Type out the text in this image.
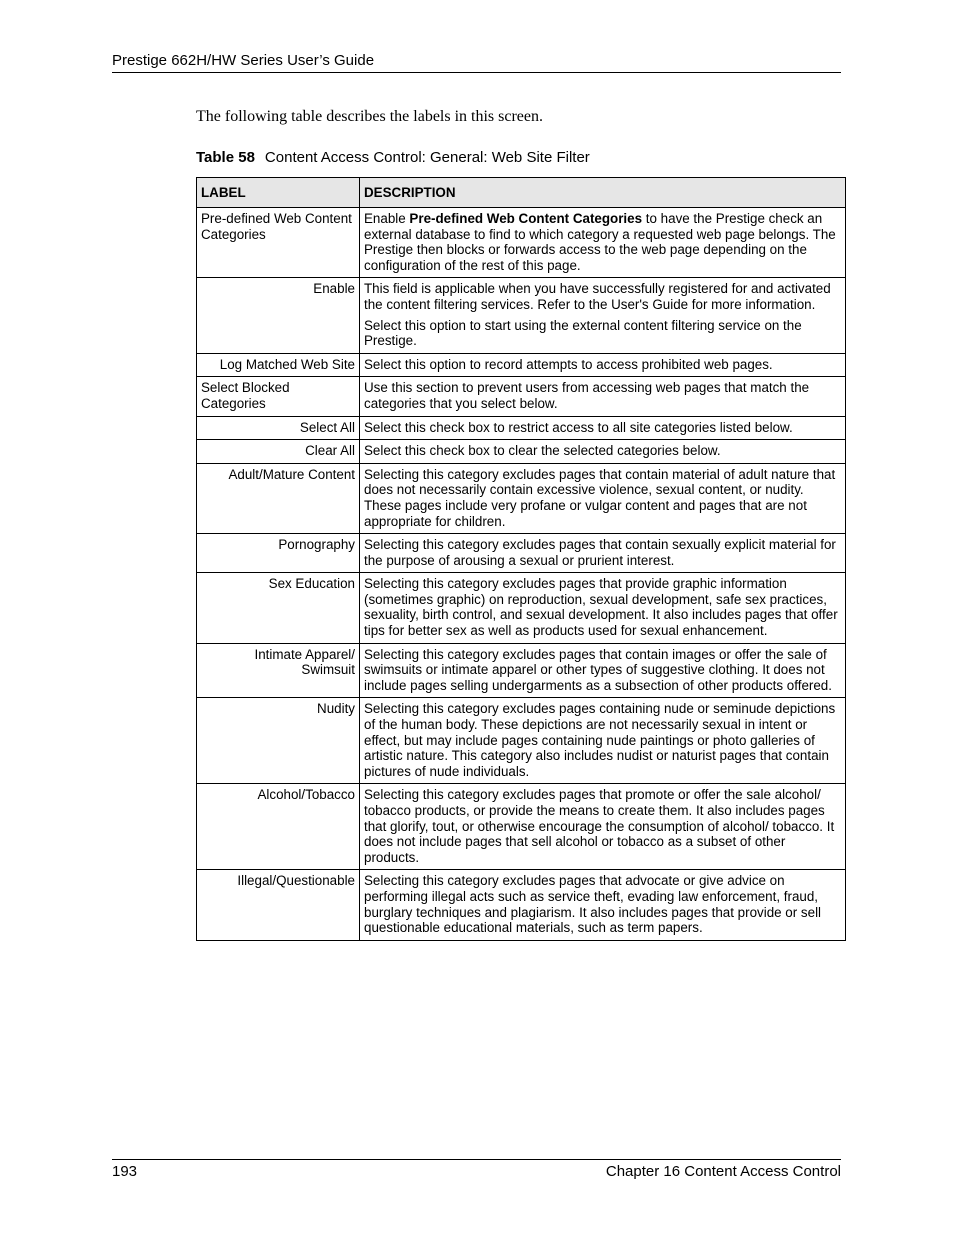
Prestige 662H/HW Series User’s Guide
The following table describes the labels in this screen.
Table 58 Content Access Control: General: Web Site Filter
LABEL	DESCRIPTION
Pre-defined Web Content Categories	Enable Pre-defined Web Content Categories to have the Prestige check an external database to find to which category a requested web page belongs. The Prestige then blocks or forwards access to the web page depending on the configuration of the rest of this page.

Enable	This field is applicable when you have successfully registered for and activated the content filtering services. Refer to the User's Guide for more information.

Select this option to start using the external content filtering service on the Prestige.

Log Matched Web Site	Select this option to record attempts to access prohibited web pages.

Select Blocked Categories	Use this section to prevent users from accessing web pages that match the categories that you select below.

Select All	Select this check box to restrict access to all site categories listed below.

Clear All	Select this check box to clear the selected categories below.

Adult/Mature Content	Selecting this category excludes pages that contain material of adult nature that does not necessarily contain excessive violence, sexual content, or nudity. These pages include very profane or vulgar content and pages that are not appropriate for children.

Pornography	Selecting this category excludes pages that contain sexually explicit material for the purpose of arousing a sexual or prurient interest.

Sex Education	Selecting this category excludes pages that provide graphic information (sometimes graphic) on reproduction, sexual development, safe sex practices, sexuality, birth control, and sexual development. It also includes pages that offer tips for better sex as well as products used for sexual enhancement.

Intimate Apparel/ Swimsuit	Selecting this category excludes pages that contain images or offer the sale of swimsuits or intimate apparel or other types of suggestive clothing. It does not include pages selling undergarments as a subsection of other products offered.

Nudity	Selecting this category excludes pages containing nude or seminude depictions of the human body. These depictions are not necessarily sexual in intent or effect, but may include pages containing nude paintings or photo galleries of artistic nature. This category also includes nudist or naturist pages that contain pictures of nude individuals.

Alcohol/Tobacco	Selecting this category excludes pages that promote or offer the sale alcohol/ tobacco products, or provide the means to create them. It also includes pages that glorify, tout, or otherwise encourage the consumption of alcohol/ tobacco. It does not include pages that sell alcohol or tobacco as a subset of other products.

Illegal/Questionable	Selecting this category excludes pages that advocate or give advice on performing illegal acts such as service theft, evading law enforcement, fraud, burglary techniques and plagiarism. It also includes pages that provide or sell questionable educational materials, such as term papers.

193	Chapter 16 Content Access Control
